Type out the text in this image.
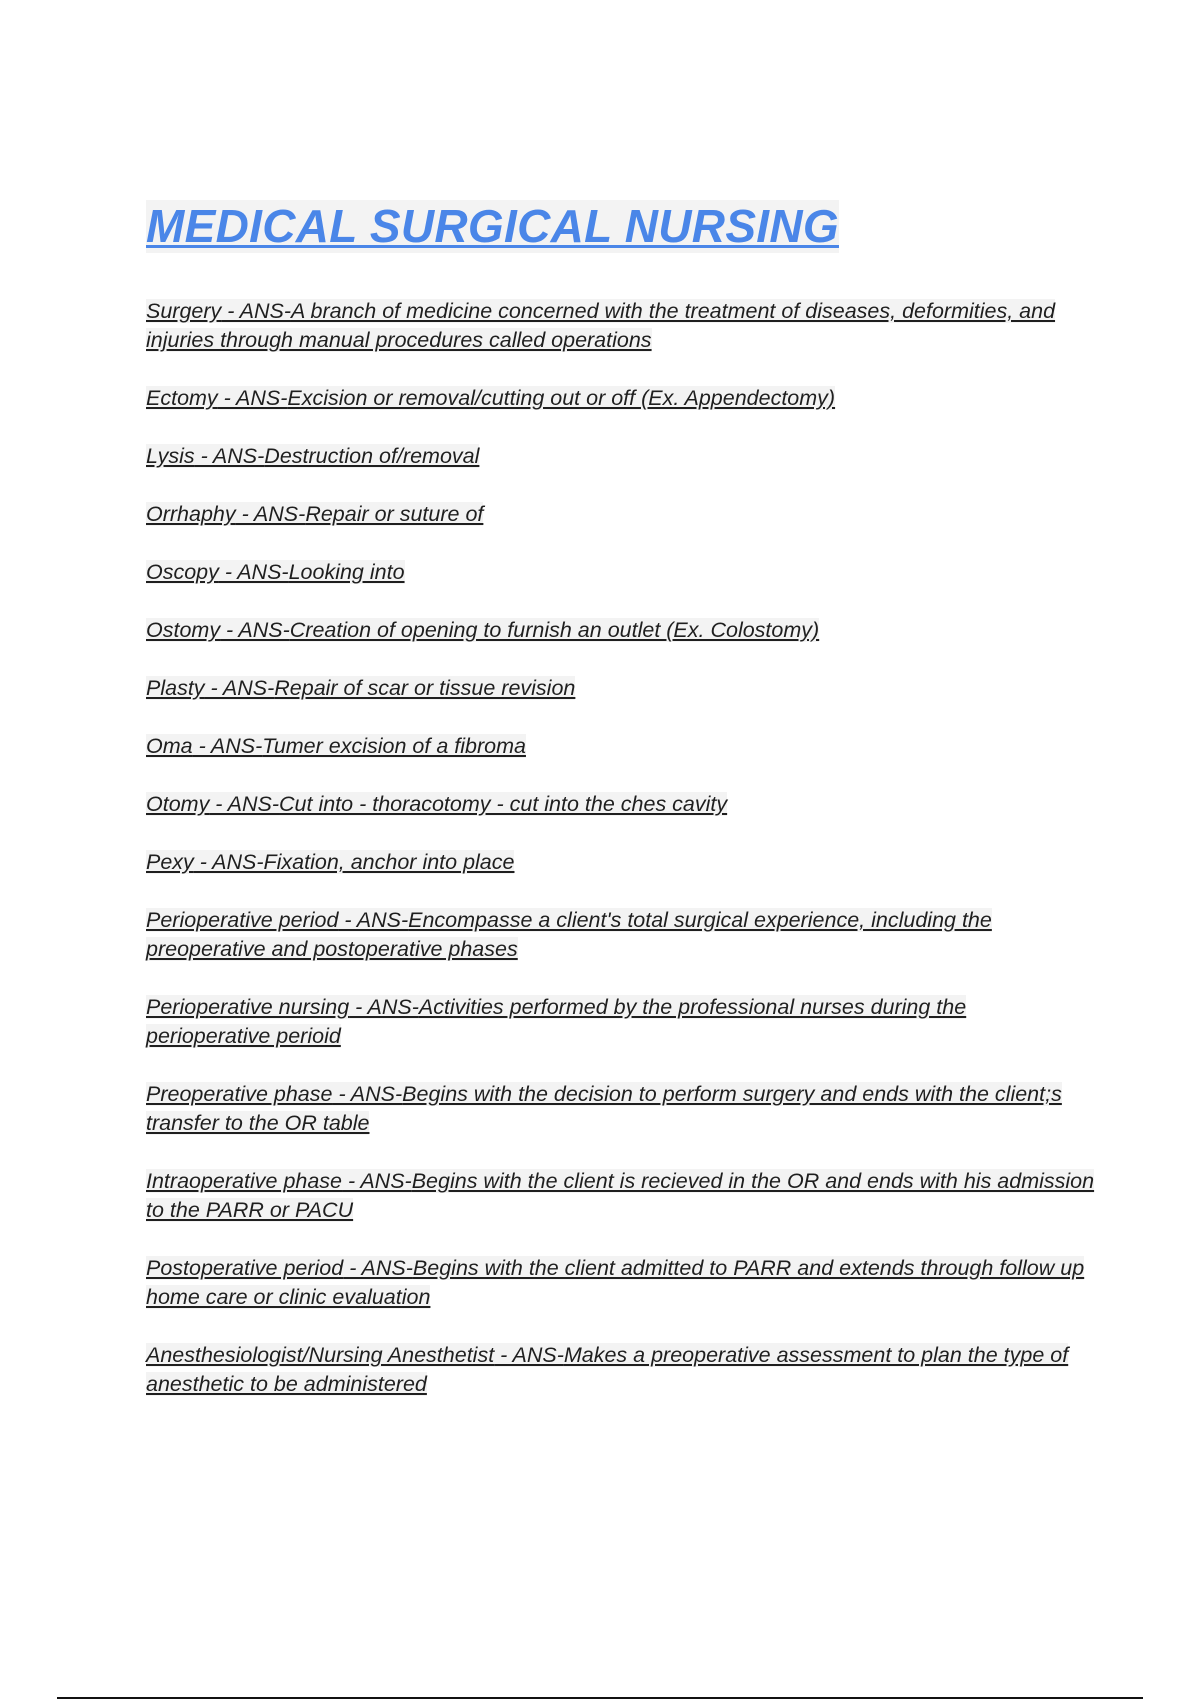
MEDICAL SURGICAL NURSING
Surgery - ANS-A branch of medicine concerned with the treatment of diseases, deformities, and injuries through manual procedures called operations
Ectomy - ANS-Excision or removal/cutting out or off (Ex. Appendectomy)
Lysis - ANS-Destruction of/removal
Orrhaphy - ANS-Repair or suture of
Oscopy - ANS-Looking into
Ostomy - ANS-Creation of opening to furnish an outlet (Ex. Colostomy)
Plasty - ANS-Repair of scar or tissue revision
Oma - ANS-Tumer excision of a fibroma
Otomy - ANS-Cut into - thoracotomy - cut into the ches cavity
Pexy - ANS-Fixation, anchor into place
Perioperative period - ANS-Encompasse a client's total surgical experience, including the preoperative and postoperative phases
Perioperative nursing - ANS-Activities performed by the professional nurses during the perioperative perioid
Preoperative phase - ANS-Begins with the decision to perform surgery and ends with the client;s transfer to the OR table
Intraoperative phase - ANS-Begins with the client is recieved in the OR and ends with his admission to the PARR or PACU
Postoperative period - ANS-Begins with the client admitted to PARR and extends through follow up home care or clinic evaluation
Anesthesiologist/Nursing Anesthetist - ANS-Makes a preoperative assessment to plan the type of anesthetic to be administered
